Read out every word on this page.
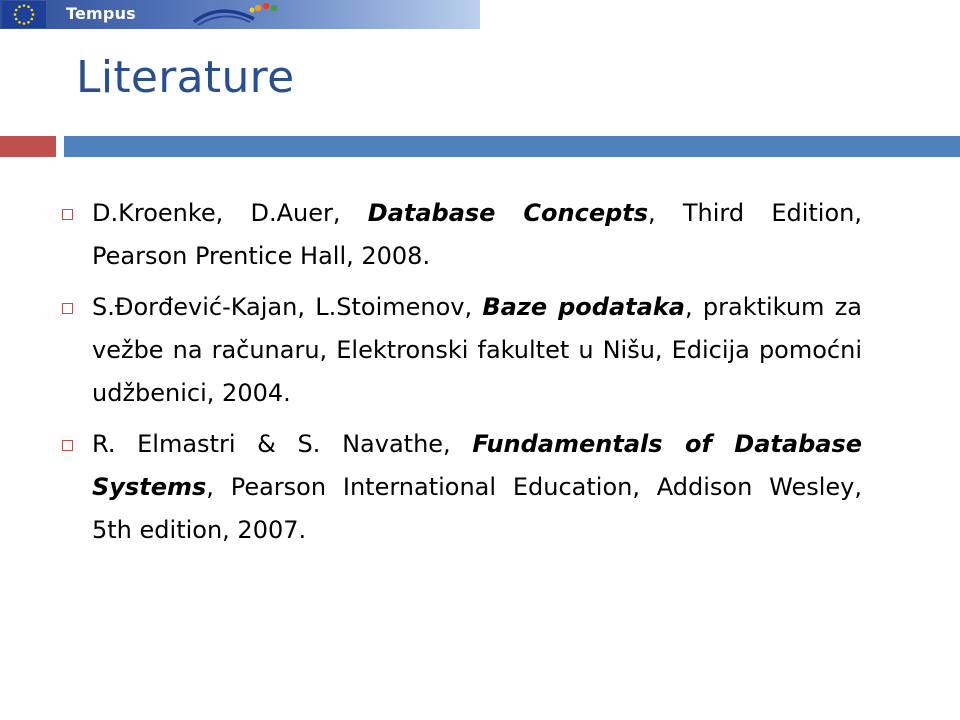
Tempus
Literature
D.Kroenke, D.Auer, Database Concepts, Third Edition, Pearson Prentice Hall, 2008.
S.Đorđević-Kajan, L.Stoimenov, Baze podataka, praktikum za vežbe na računaru, Elektronski fakultet u Nišu, Edicija pomoćni udžbenici, 2004.
R. Elmastri & S. Navathe, Fundamentals of Database Systems, Pearson International Education, Addison Wesley, 5th edition, 2007.
